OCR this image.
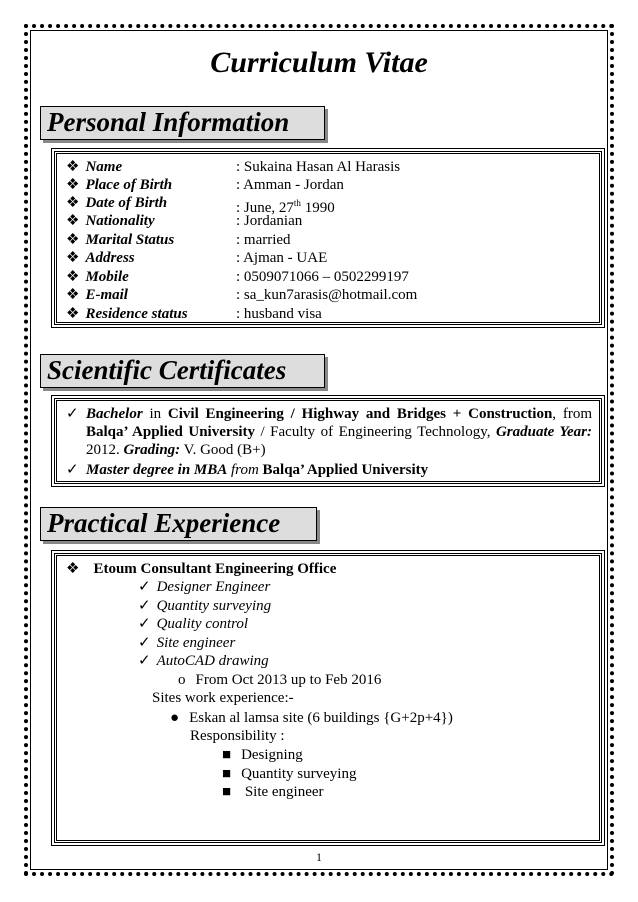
Curriculum Vitae
Personal Information
❖ Name	: Sukaina Hasan Al Harasis
❖ Place of Birth	: Amman - Jordan
❖ Date of Birth	: June, 27th 1990
❖ Nationality	: Jordanian
❖ Marital Status	: married
❖ Address	: Ajman - UAE
❖ Mobile	: 0509071066 – 0502299197
❖ E-mail	: sa_kun7arasis@hotmail.com
❖ Residence status	: husband visa
Scientific Certificates
✓ Bachelor in Civil Engineering / Highway and Bridges + Construction, from Balqa’ Applied University / Faculty of Engineering Technology, Graduate Year: 2012. Grading: V. Good (B+)
✓ Master degree in MBA from Balqa’ Applied University
Practical Experience
❖ Etoum Consultant Engineering Office
✓ Designer Engineer
✓ Quantity surveying
✓ Quality control
✓ Site engineer
✓ AutoCAD drawing
o From Oct 2013 up to Feb 2016
Sites work experience:-
● Eskan al lamsa site (6 buildings {G+2p+4})
Responsibility :
■ Designing
■ Quantity surveying
■ Site engineer
1
